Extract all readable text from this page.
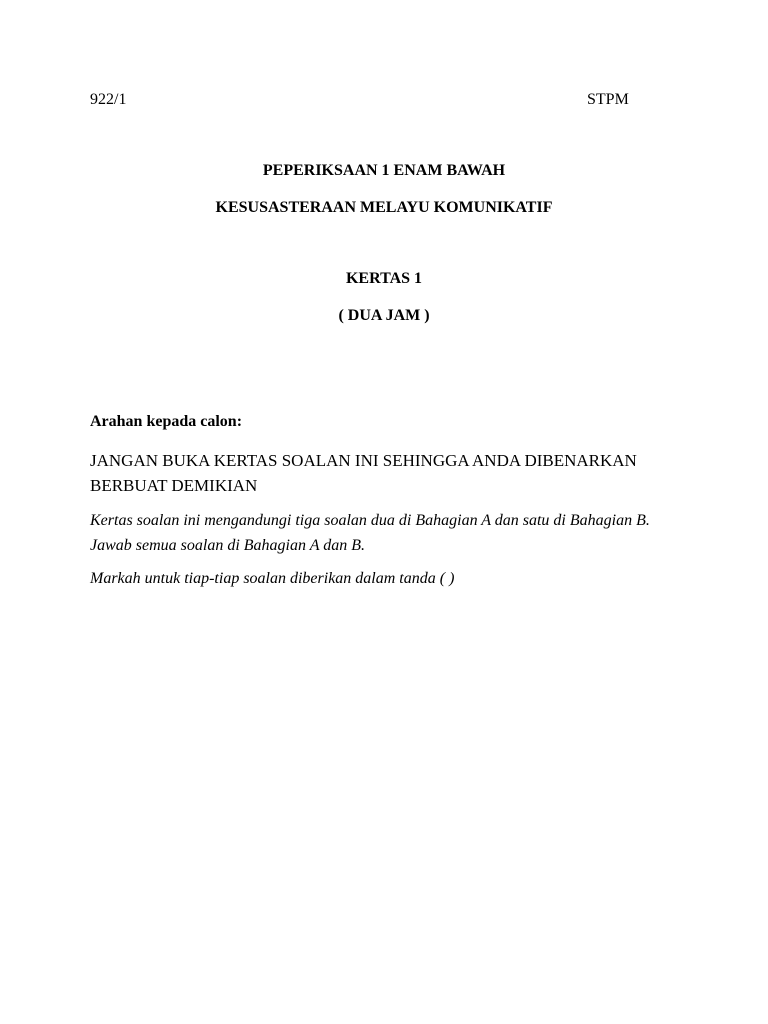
922/1	STPM
PEPERIKSAAN 1 ENAM BAWAH
KESUSASTERAAN MELAYU KOMUNIKATIF
KERTAS 1
( DUA JAM )
Arahan kepada calon:
JANGAN BUKA KERTAS SOALAN INI SEHINGGA ANDA DIBENARKAN BERBUAT DEMIKIAN
Kertas soalan ini mengandungi tiga soalan dua di Bahagian A dan satu di Bahagian B. Jawab semua soalan di Bahagian A dan B.
Markah untuk tiap-tiap soalan diberikan dalam tanda ( )
